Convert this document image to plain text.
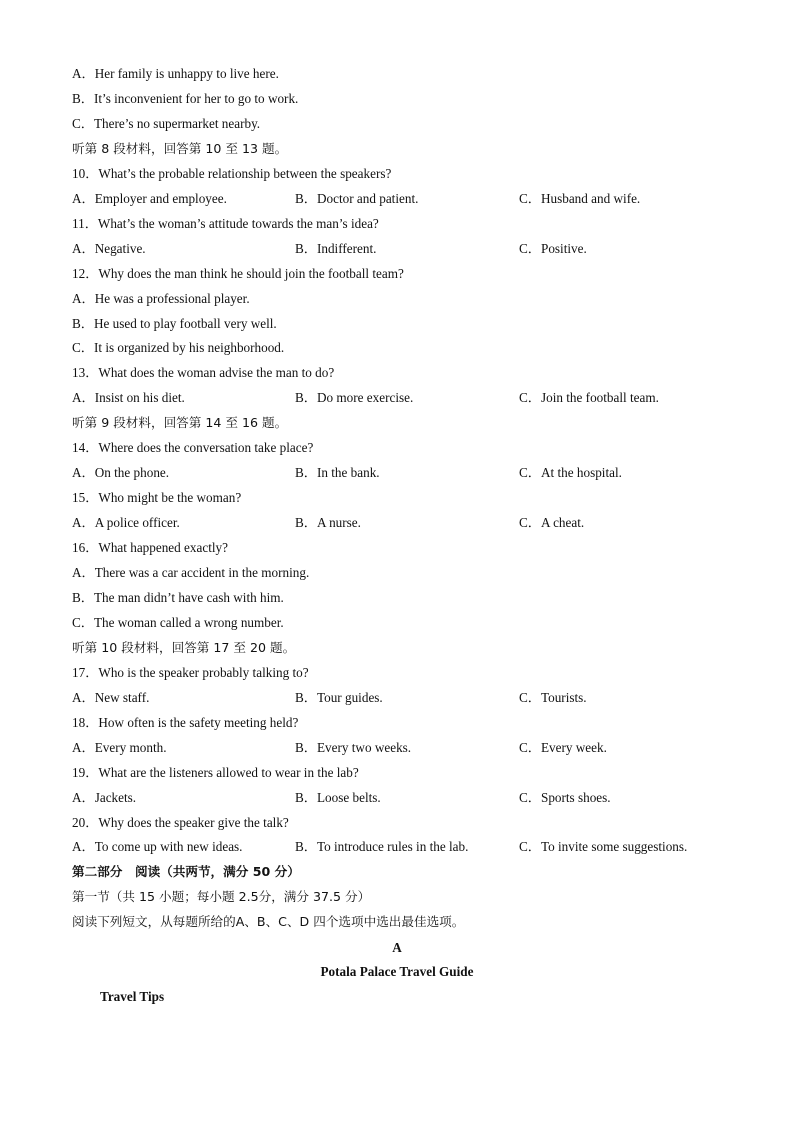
A．Her family is unhappy to live here.
B．It’s inconvenient for her to go to work.
C．There’s no supermarket nearby.
听第 8 段材料，回答第 10 至 13 题。
10．What’s the probable relationship between the speakers?
A．Employer and employee.	B．Doctor and patient.	C．Husband and wife.
11．What’s the woman’s attitude towards the man’s idea?
A．Negative.	B．Indifferent.	C．Positive.
12．Why does the man think he should join the football team?
A．He was a professional player.
B．He used to play football very well.
C．It is organized by his neighborhood.
13．What does the woman advise the man to do?
A．Insist on his diet.	B．Do more exercise.	C．Join the football team.
听第 9 段材料，回答第 14 至 16 题。
14．Where does the conversation take place?
A．On the phone.	B．In the bank.	C．At the hospital.
15．Who might be the woman?
A．A police officer.	B．A nurse.	C．A cheat.
16．What happened exactly?
A．There was a car accident in the morning.
B．The man didn’t have cash with him.
C．The woman called a wrong number.
听第 10 段材料，回答第 17 至 20 题。
17．Who is the speaker probably talking to?
A．New staff.	B．Tour guides.	C．Tourists.
18．How often is the safety meeting held?
A．Every month.	B．Every two weeks.	C．Every week.
19．What are the listeners allowed to wear in the lab?
A．Jackets.	B．Loose belts.	C．Sports shoes.
20．Why does the speaker give the talk?
A．To come up with new ideas.	B．To introduce rules in the lab.	C．To invite some suggestions.
第二部分　阅读（共两节，满分 50 分）
第一节（共 15 小题；每小题 2.5分，满分 37.5 分）
阅读下列短文，从每题所给的A、B、C、D 四个选项中选出最佳选项。
A
Potala Palace Travel Guide
Travel Tips
